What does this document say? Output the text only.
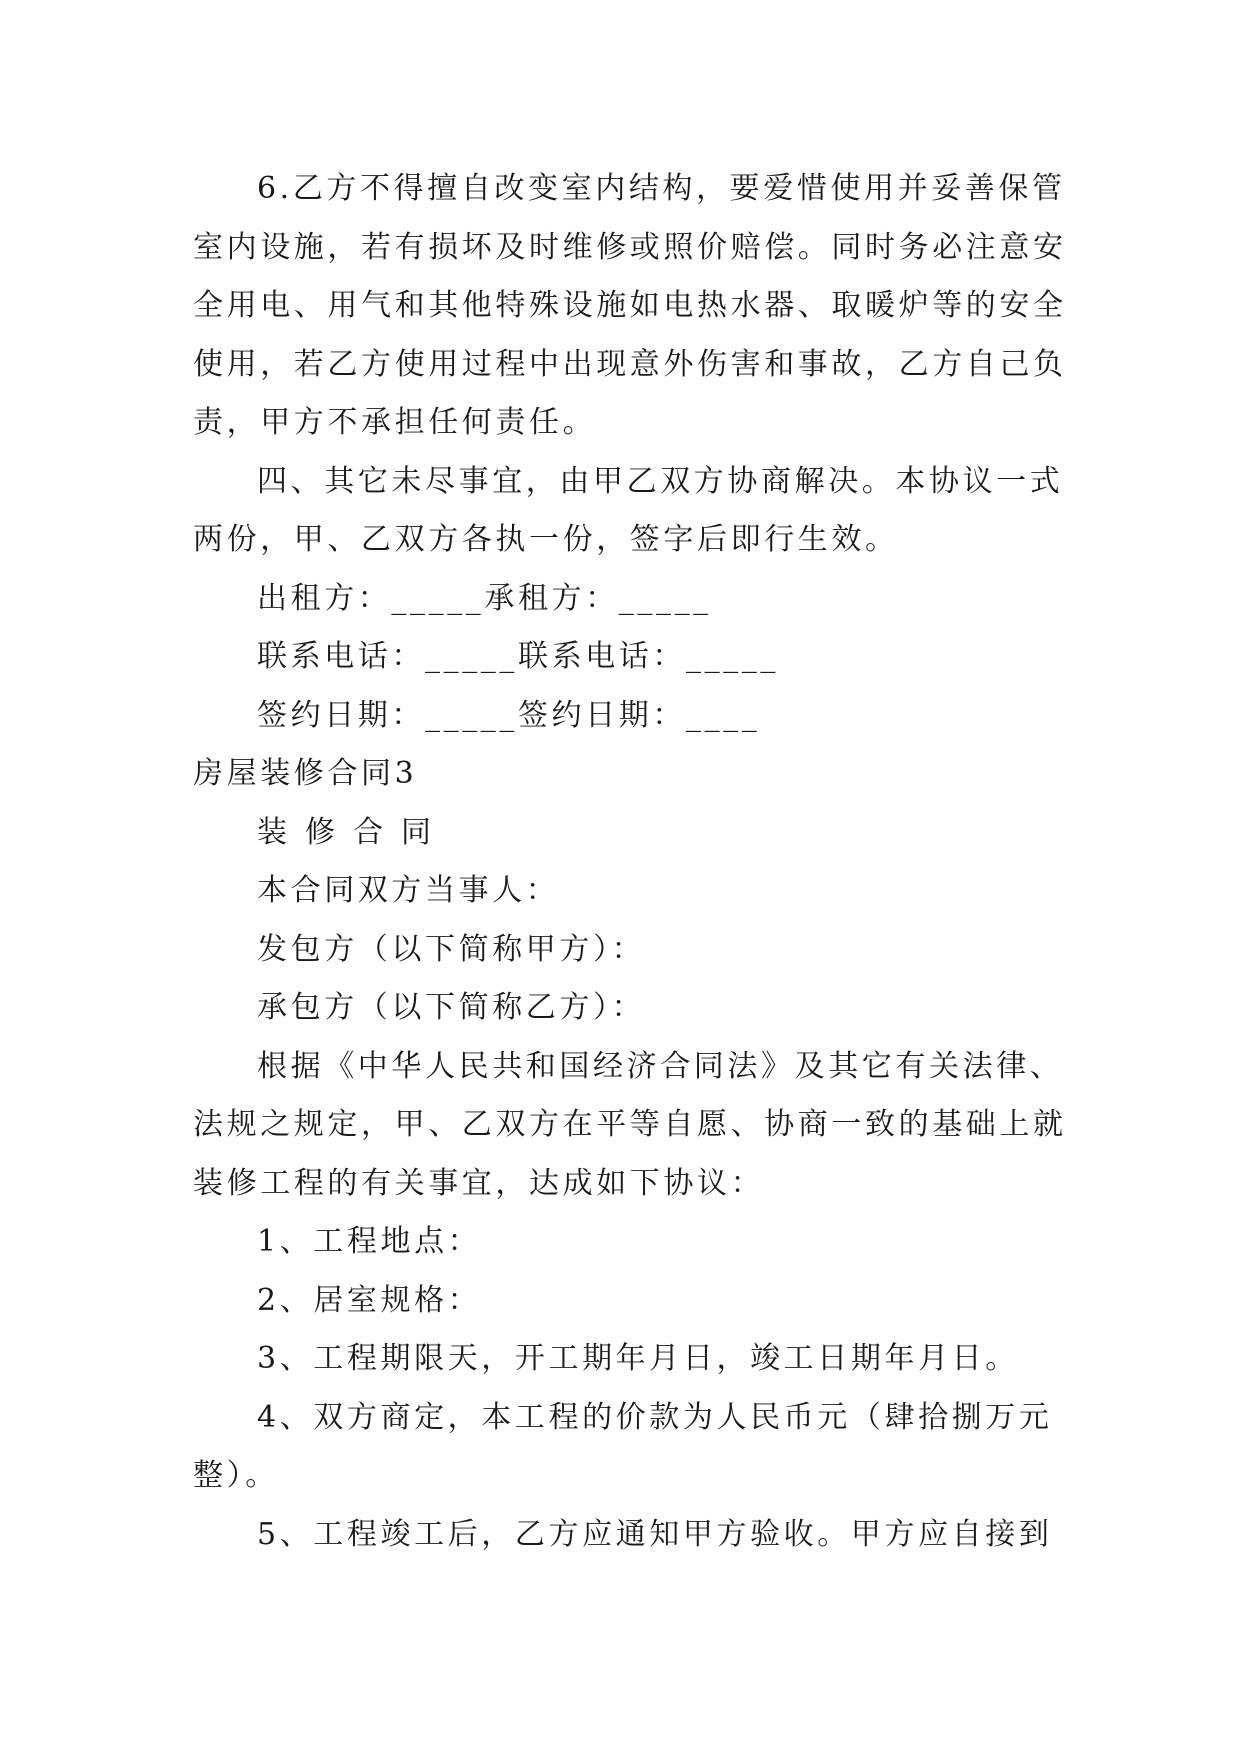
6.乙方不得擅自改变室内结构，要爱惜使用并妥善保管
室内设施，若有损坏及时维修或照价赔偿。同时务必注意安
全用电、用气和其他特殊设施如电热水器、取暖炉等的安全
使用，若乙方使用过程中出现意外伤害和事故，乙方自己负
责，甲方不承担任何责任。
四、其它未尽事宜，由甲乙双方协商解决。本协议一式
两份，甲、乙双方各执一份，签字后即行生效。
出租方：_____承租方：_____
联系电话：_____联系电话：_____
签约日期：_____签约日期：____
房屋装修合同3
装修合同
本合同双方当事人：
发包方（以下简称甲方）：
承包方（以下简称乙方）：
根据《中华人民共和国经济合同法》及其它有关法律、
法规之规定，甲、乙双方在平等自愿、协商一致的基础上就
装修工程的有关事宜，达成如下协议：
1、工程地点：
2、居室规格：
3、工程期限天，开工期年月日，竣工日期年月日。
4、双方商定，本工程的价款为人民币元（肆拾捌万元
整）。
5、工程竣工后，乙方应通知甲方验收。甲方应自接到
